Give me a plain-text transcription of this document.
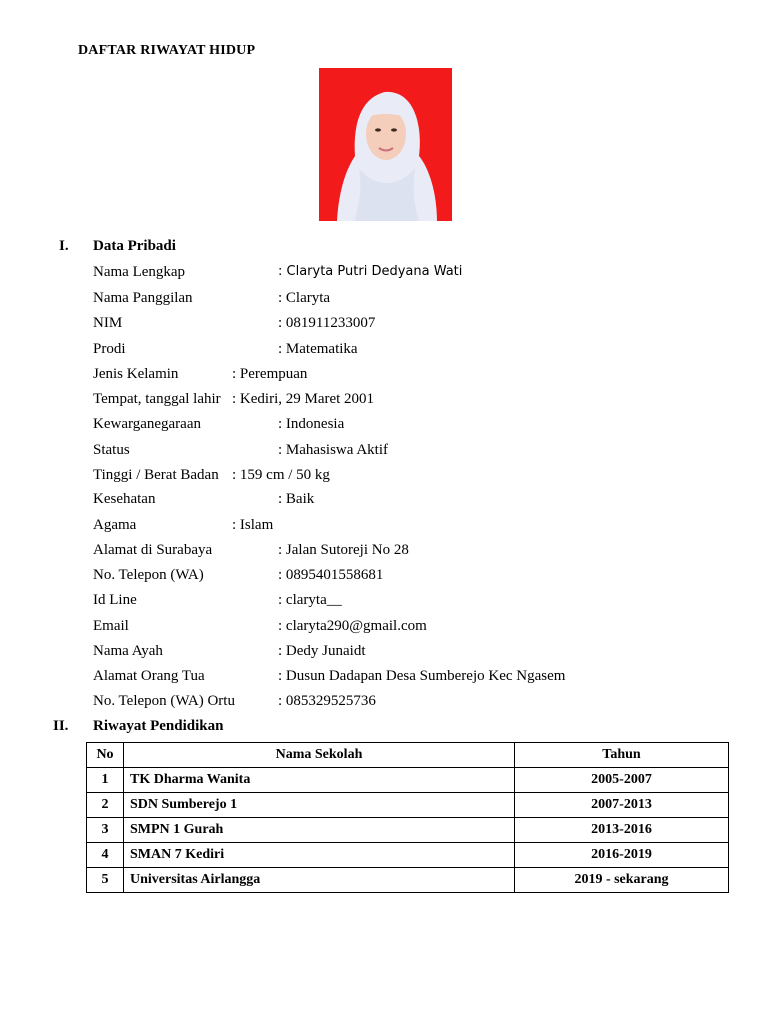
DAFTAR RIWAYAT HIDUP
I. Data Pribadi
Nama Lengkap	: Claryta Putri Dedyana Wati
Nama Panggilan	: Claryta
NIM	: 081911233007
Prodi	: Matematika
Jenis Kelamin	: Perempuan
Tempat, tanggal lahir : Kediri, 29 Maret 2001
Kewarganegaraan	: Indonesia
Status	: Mahasiswa Aktif
Tinggi / Berat Badan : 159 cm / 50 kg
Kesehatan	: Baik
Agama	: Islam
Alamat di Surabaya	: Jalan Sutoreji No 28
No. Telepon (WA)	: 0895401558681
Id Line	: claryta__
Email	: claryta290@gmail.com
Nama Ayah	: Dedy Junaidt
Alamat Orang Tua	: Dusun Dadapan Desa Sumberejo Kec Ngasem
No. Telepon (WA) Ortu	: 085329525736
II. Riwayat Pendidikan
No	Nama Sekolah	Tahun
1	TK Dharma Wanita	2005-2007
2	SDN Sumberejo 1	2007-2013
3	SMPN 1 Gurah	2013-2016
4	SMAN 7 Kediri	2016-2019
5	Universitas Airlangga	2019 - sekarang
